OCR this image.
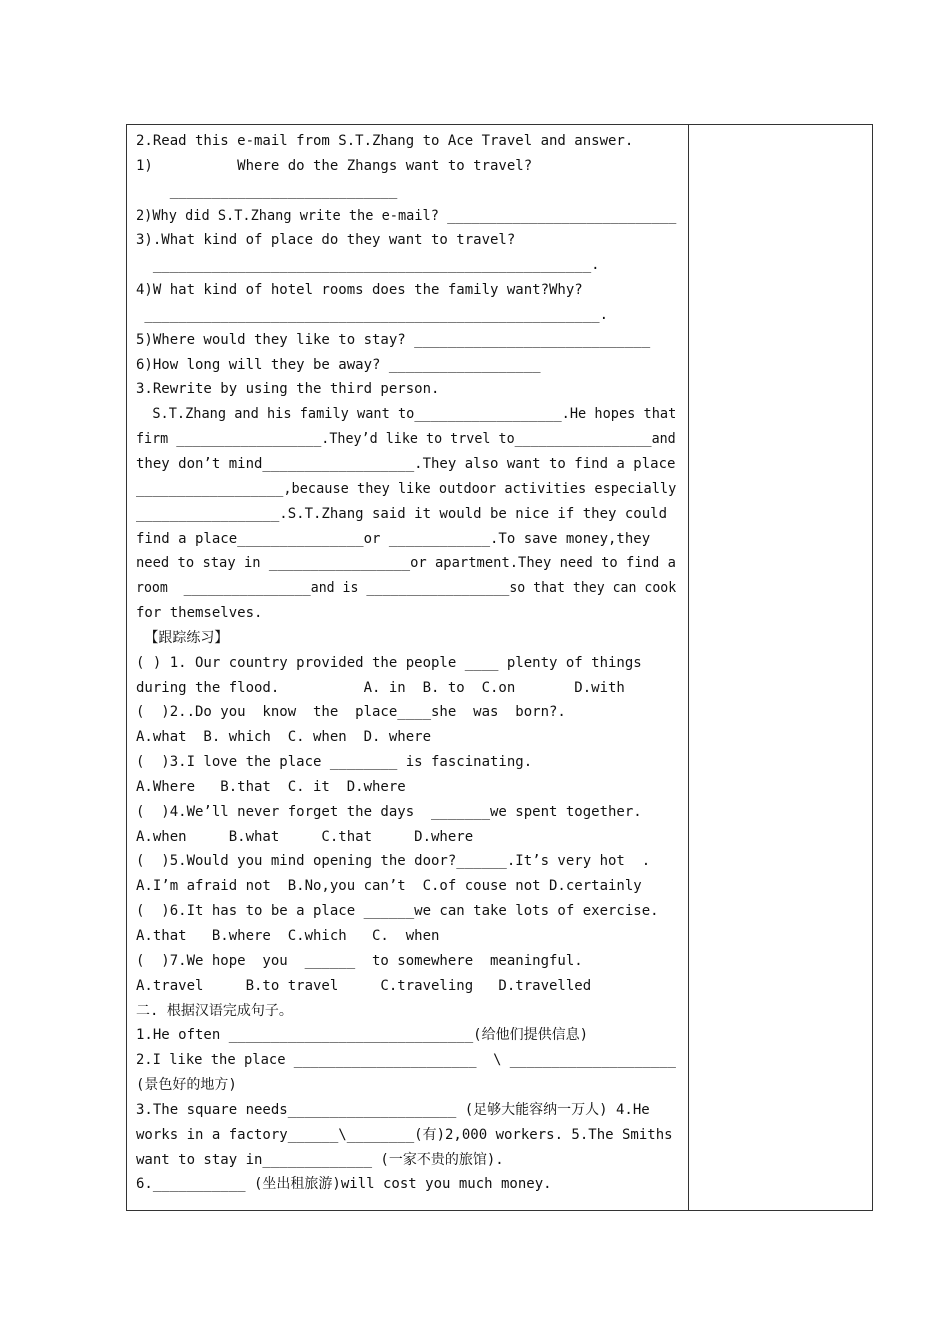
2.Read this e-mail from S.T.Zhang to Ace Travel and answer.
1)          Where do the Zhangs want to travel?
___________________________
2)Why did S.T.Zhang write the e-mail? ____________________________
3).What kind of place do they want to travel?
____________________________________________________.
4)W hat kind of hotel rooms does the family want?Why?
______________________________________________________.
5)Where would they like to stay? ____________________________
6)How long will they be away? __________________
3.Rewrite by using the third person.
S.T.Zhang and his family want to__________________.He hopes that
firm __________________.They’d like to trvel to_________________and
they don’t mind__________________.They also want to find a place
__________________,because they like outdoor activities especially
_________________.S.T.Zhang said it would be nice if they could
find a place_______________or ____________.To save money,they
need to stay in _________________or apartment.They need to find a
room  ________________and is __________________so that they can cook
for themselves.
【跟踪练习】
( ) 1. Our country provided the people ____ plenty of things
during the flood.          A. in  B. to  C.on       D.with
(  )2..Do you  know  the  place____she  was  born?.
A.what  B. which  C. when  D. where
(  )3.I love the place ________ is fascinating.
A.Where   B.that  C. it  D.where
(  )4.We’ll never forget the days  _______we spent together.
A.when     B.what     C.that     D.where
(  )5.Would you mind opening the door?______.It’s very hot  .
A.I’m afraid not  B.No,you can’t  C.of couse not D.certainly
(  )6.It has to be a place ______we can take lots of exercise.
A.that   B.where  C.which   C.  when
(  )7.We hope  you  ______  to somewhere  meaningful.
A.travel     B.to travel     C.traveling   D.travelled
二. 根据汉语完成句子。
1.He often _____________________________(给他们提供信息)
2.I like the place ______________________  \ ____________________
(景色好的地方)
3.The square needs____________________ (足够大能容纳一万人) 4.He
works in a factory______\________(有)2,000 workers. 5.The Smiths
want to stay in_____________ (一家不贵的旅馆).
6.___________ (坐出租旅游)will cost you much money.
